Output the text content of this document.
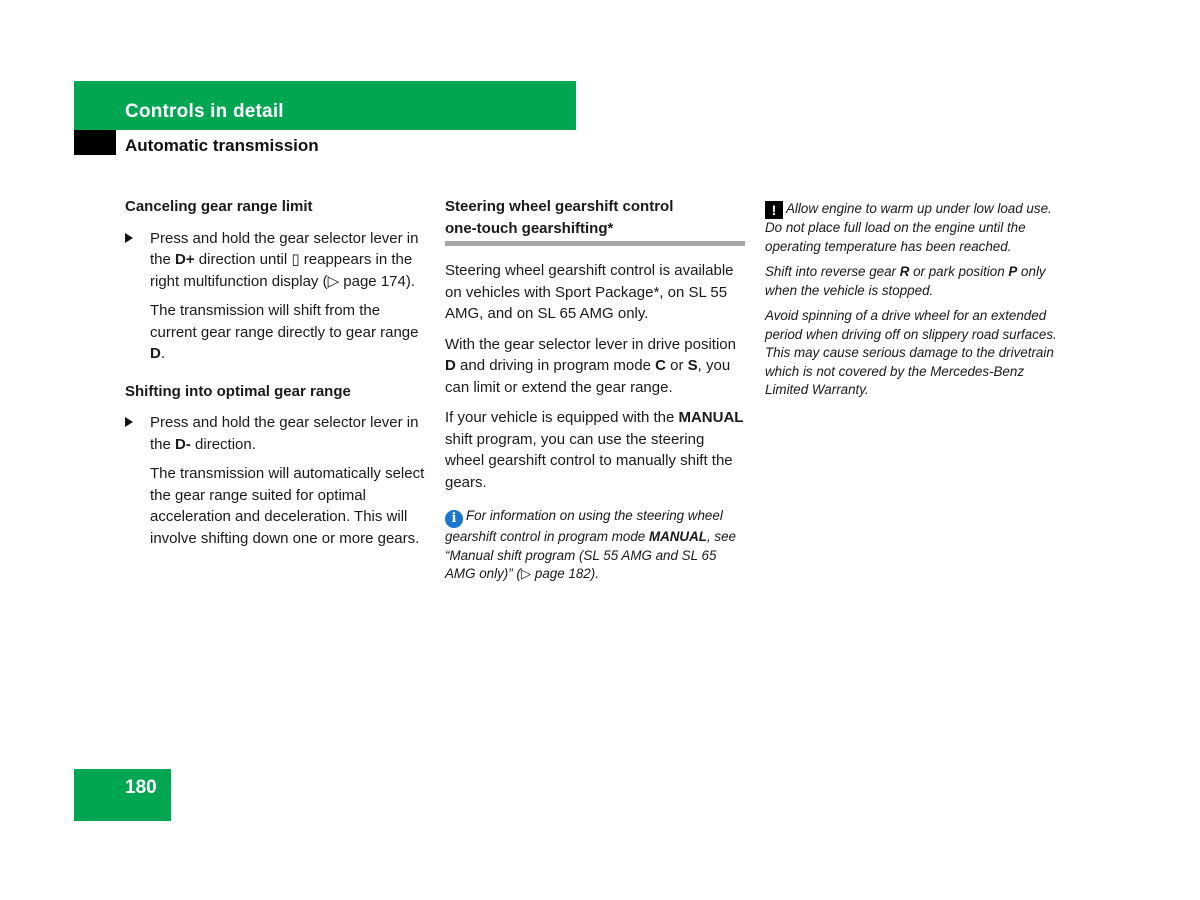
Controls in detail
Automatic transmission
Canceling gear range limit
Press and hold the gear selector lever in the D+ direction until ▯ reappears in the right multifunction display (▷ page 174).
The transmission will shift from the current gear range directly to gear range D.
Shifting into optimal gear range
Press and hold the gear selector lever in the D- direction.
The transmission will automatically select the gear range suited for optimal acceleration and deceleration. This will involve shifting down one or more gears.
Steering wheel gearshift control
one-touch gearshifting*
Steering wheel gearshift control is available on vehicles with Sport Package*, on SL 55 AMG, and on SL 65 AMG only.
With the gear selector lever in drive position D and driving in program mode C or S, you can limit or extend the gear range.
If your vehicle is equipped with the MANUAL shift program, you can use the steering wheel gearshift control to manually shift the gears.
i For information on using the steering wheel gearshift control in program mode MANUAL, see “Manual shift program (SL 55 AMG and SL 65 AMG only)” (▷ page 182).
! Allow engine to warm up under low load use. Do not place full load on the engine until the operating temperature has been reached.
Shift into reverse gear R or park position P only when the vehicle is stopped.
Avoid spinning of a drive wheel for an extended period when driving off on slippery road surfaces. This may cause serious damage to the drivetrain which is not covered by the Mercedes-Benz Limited Warranty.
180
